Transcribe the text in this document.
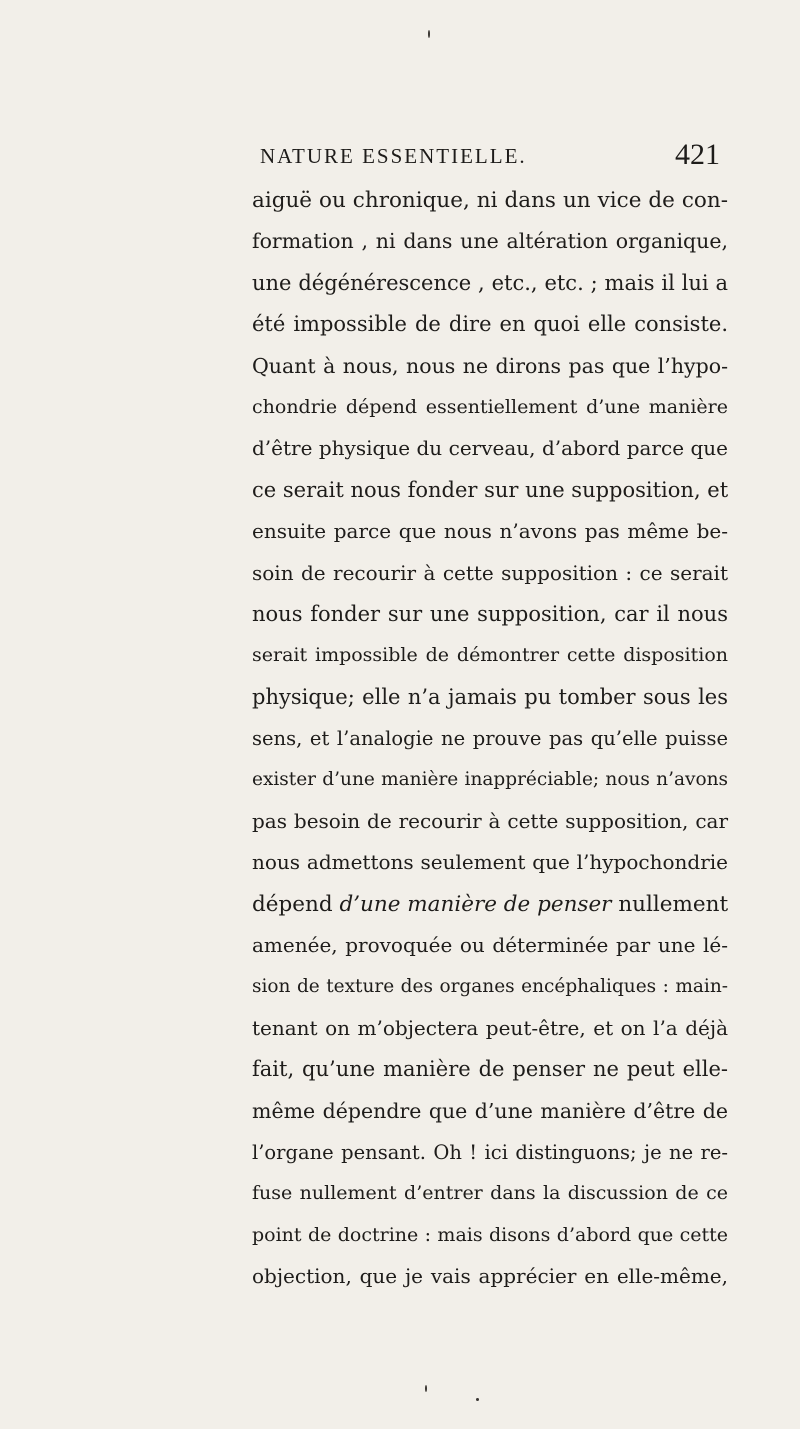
NATURE ESSENTIELLE.	421
aiguë ou chronique, ni dans un vice de con-
formation , ni dans une altération organique,
une dégénérescence , etc., etc. ; mais il lui a
été impossible de dire en quoi elle consiste.
Quant à nous, nous ne dirons pas que l’hypo-
chondrie dépend essentiellement d’une manière
d’être physique du cerveau, d’abord parce que
ce serait nous fonder sur une supposition, et
ensuite parce que nous n’avons pas même be-
soin de recourir à cette supposition : ce serait
nous fonder sur une supposition, car il nous
serait impossible de démontrer cette disposition
physique; elle n’a jamais pu tomber sous les
sens, et l’analogie ne prouve pas qu’elle puisse
exister d’une manière inappréciable; nous n’avons
pas besoin de recourir à cette supposition, car
nous admettons seulement que l’hypochondrie
dépend d’une manière de penser nullement
amenée, provoquée ou déterminée par une lé-
sion de texture des organes encéphaliques : main-
tenant on m’objectera peut-être, et on l’a déjà
fait, qu’une manière de penser ne peut elle-
même dépendre que d’une manière d’être de
l’organe pensant. Oh ! ici distinguons; je ne re-
fuse nullement d’entrer dans la discussion de ce
point de doctrine : mais disons d’abord que cette
objection, que je vais apprécier en elle-même,
